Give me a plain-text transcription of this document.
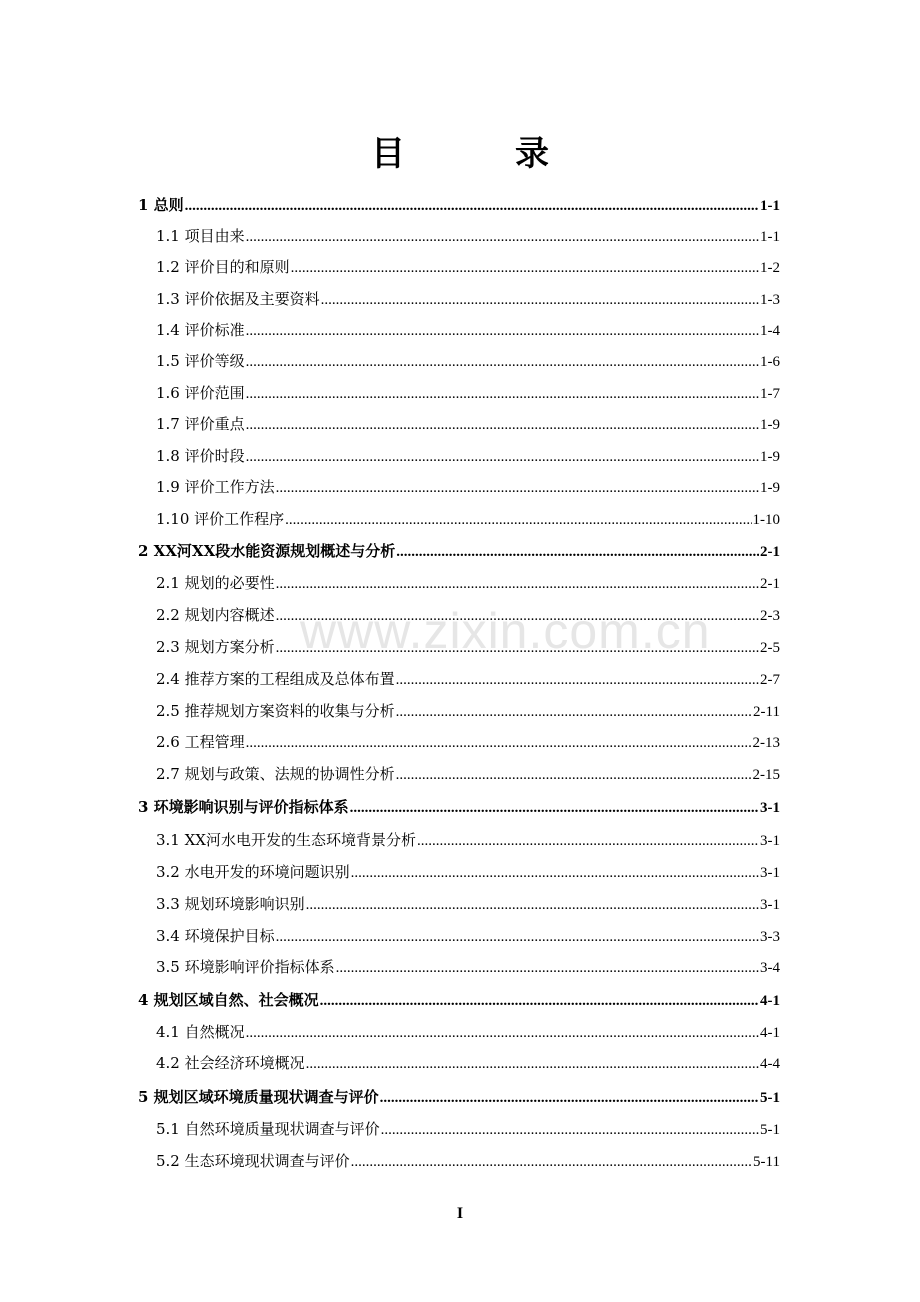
目　录
www.zixin.com.cn
1 总则 .....	1-1
1.1 项目由来 .....	1-1
1.2 评价目的和原则 .....	1-2
1.3 评价依据及主要资料 .....	1-3
1.4 评价标准 .....	1-4
1.5 评价等级 .....	1-6
1.6 评价范围 .....	1-7
1.7 评价重点 .....	1-9
1.8 评价时段 .....	1-9
1.9 评价工作方法 .....	1-9
1.10 评价工作程序 .....	1-10
2 XX河XX段水能资源规划概述与分析 .....	2-1
2.1 规划的必要性 .....	2-1
2.2 规划内容概述 .....	2-3
2.3 规划方案分析 .....	2-5
2.4 推荐方案的工程组成及总体布置 .....	2-7
2.5 推荐规划方案资料的收集与分析 .....	2-11
2.6 工程管理 .....	2-13
2.7 规划与政策、法规的协调性分析 .....	2-15
3 环境影响识别与评价指标体系 .....	3-1
3.1 XX河水电开发的生态环境背景分析 .....	3-1
3.2 水电开发的环境问题识别 .....	3-1
3.3 规划环境影响识别 .....	3-1
3.4 环境保护目标 .....	3-3
3.5 环境影响评价指标体系 .....	3-4
4 规划区域自然、社会概况 .....	4-1
4.1 自然概况 .....	4-1
4.2 社会经济环境概况 .....	4-4
5 规划区域环境质量现状调查与评价 .....	5-1
5.1 自然环境质量现状调查与评价 .....	5-1
5.2 生态环境现状调查与评价 .....	5-11
I
